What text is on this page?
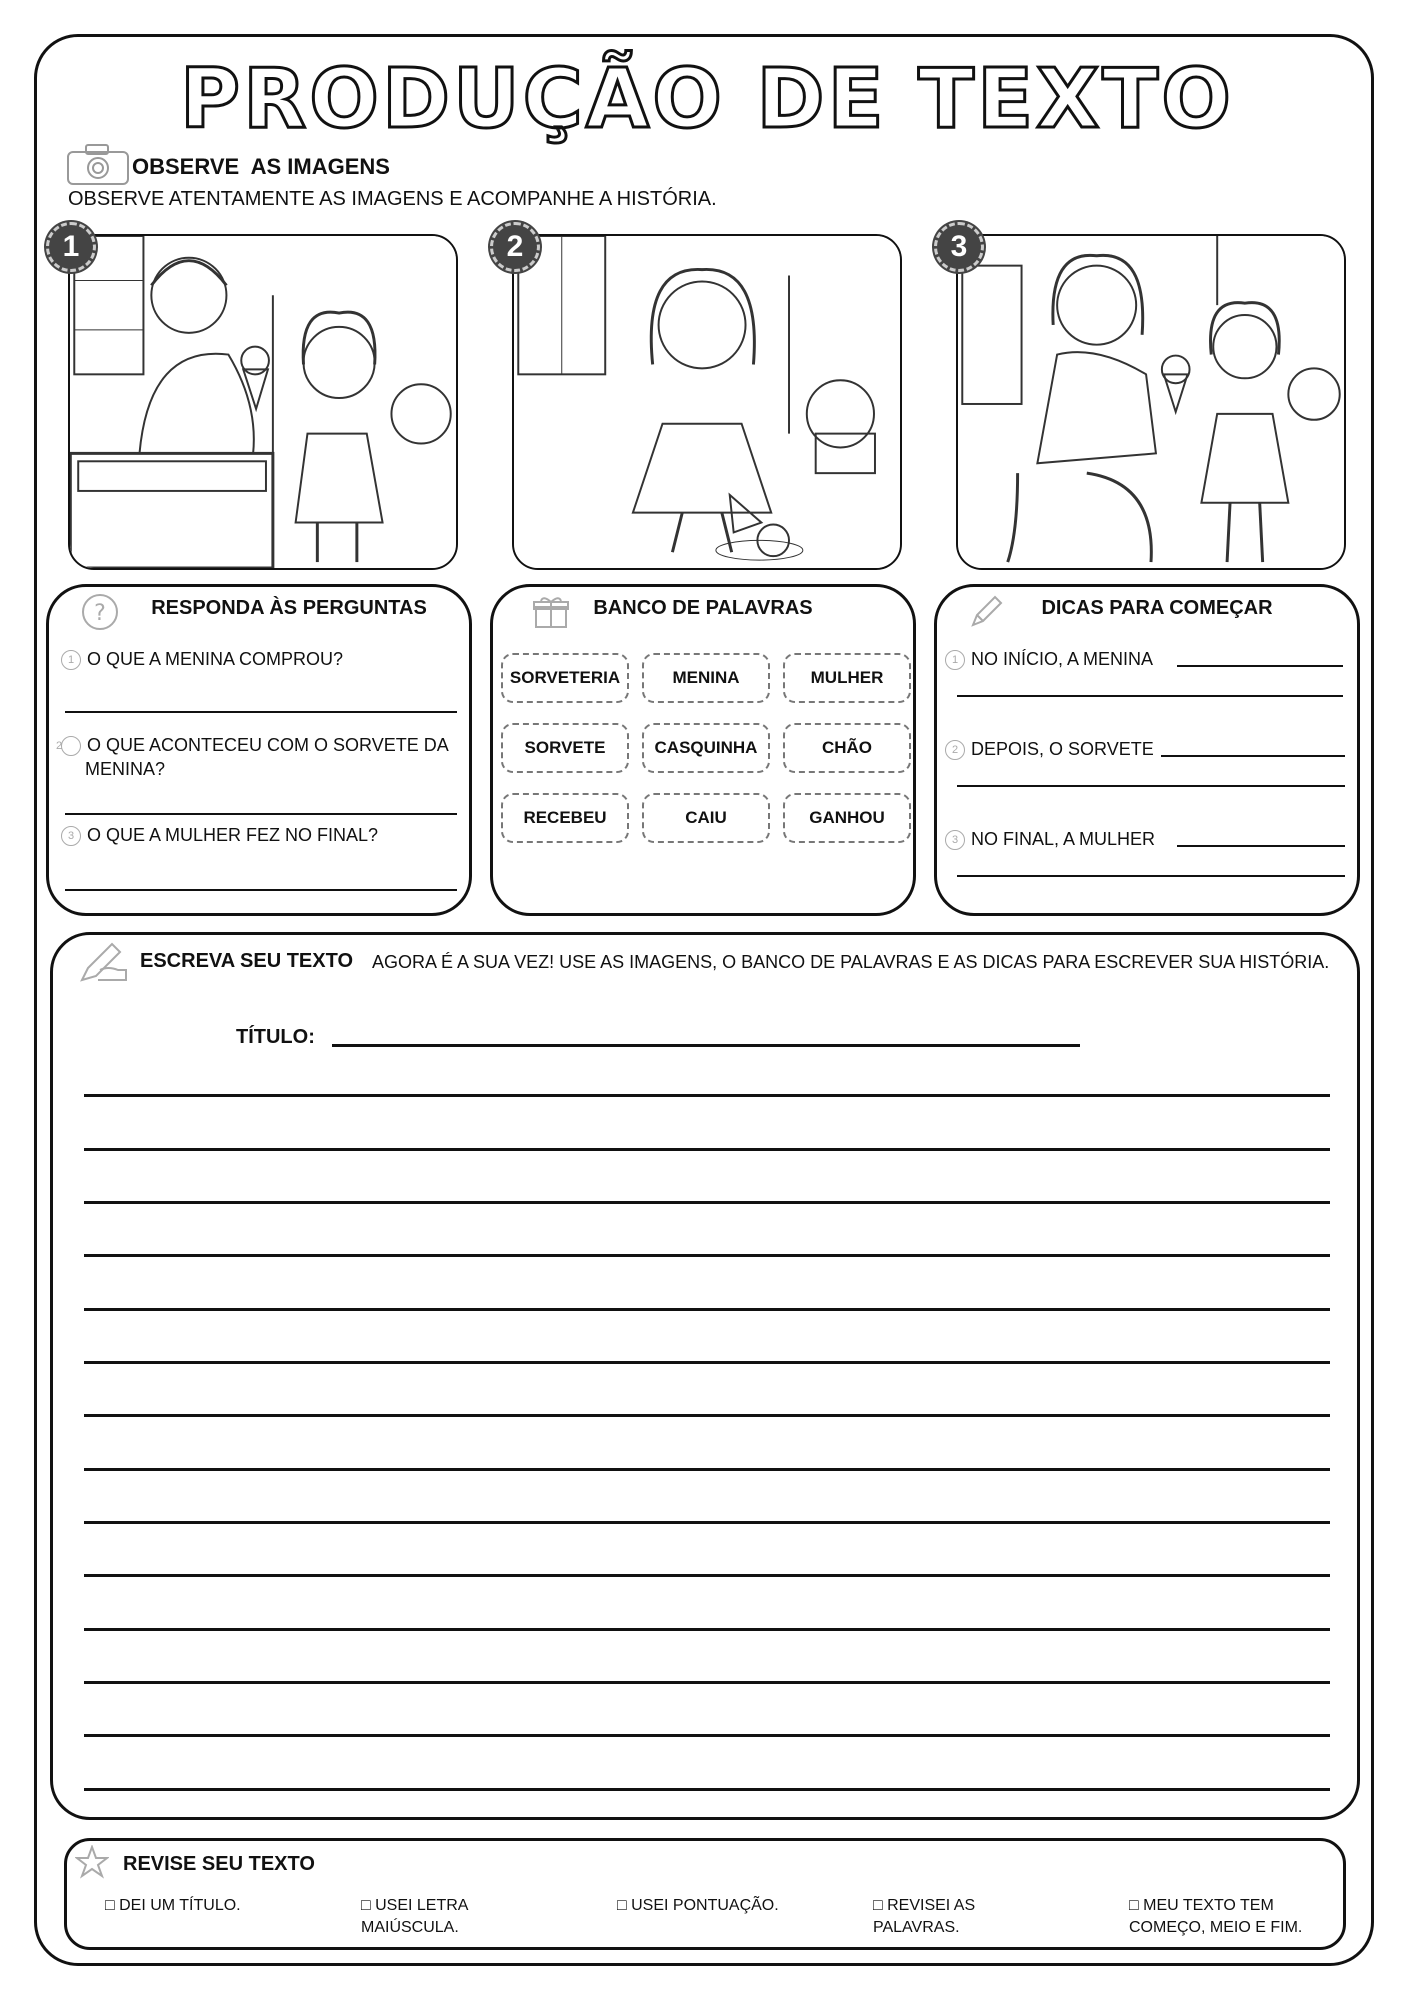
PRODUÇÃO DE TEXTO
OBSERVE  AS IMAGENS
OBSERVE ATENTAMENTE AS IMAGENS E ACOMPANHE A HISTÓRIA.
1	2	3
?	RESPONDA ÀS PERGUNTAS
1 O QUE A MENINA COMPROU?
2 O QUE ACONTECEU COM O SORVETE DA MENINA?
3 O QUE A MULHER FEZ NO FINAL?
BANCO DE PALAVRAS
SORVETERIA	MENINA	MULHER
SORVETE	CASQUINHA	CHÃO
RECEBEU	CAIU	GANHOU
DICAS PARA COMEÇAR
1 NO INÍCIO, A MENINA
2 DEPOIS, O SORVETE
3 NO FINAL, A MULHER
ESCREVA SEU TEXTO AGORA É A SUA VEZ! USE AS IMAGENS, O BANCO DE PALAVRAS E AS DICAS PARA ESCREVER SUA HISTÓRIA.
TÍTULO:
REVISE SEU TEXTO
□ DEI UM TÍTULO.	□ USEI LETRA MAIÚSCULA.
□ USEI PONTUAÇÃO.	□ REVISEI AS PALAVRAS.
□ MEU TEXTO TEM COMEÇO, MEIO E FIM.
